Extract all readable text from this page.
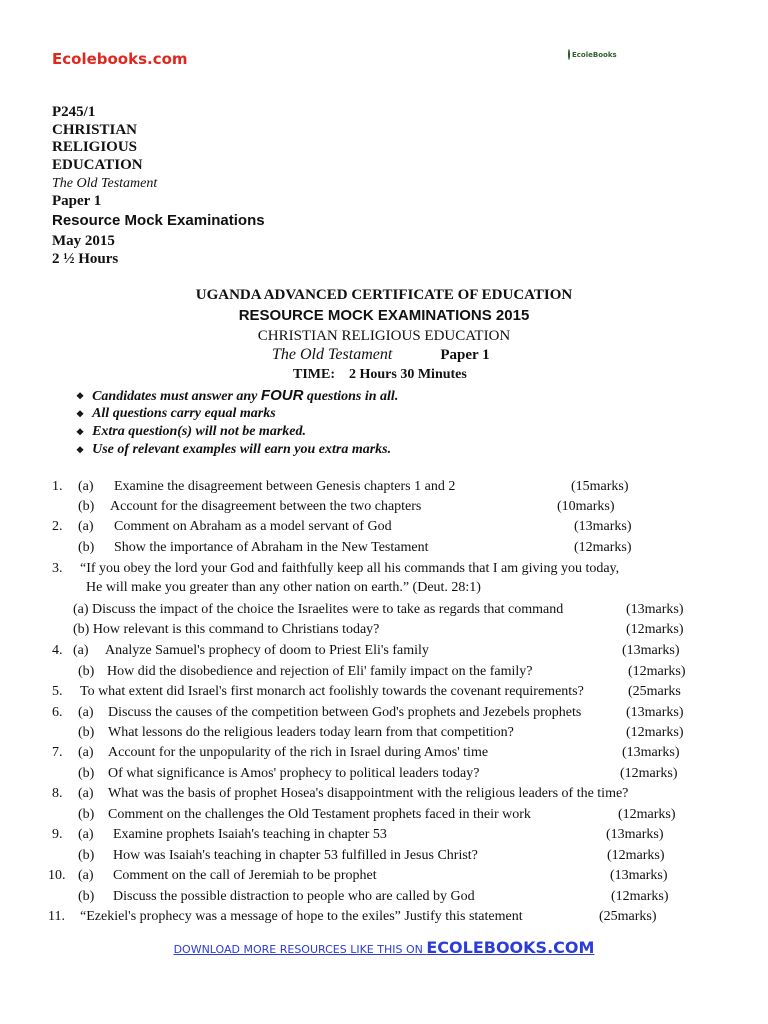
Ecolebooks.com	EcoleBooks
P245/1
CHRISTIAN
RELIGIOUS
EDUCATION
The Old Testament
Paper 1
Resource Mock Examinations
May 2015
2 ½ Hours
UGANDA ADVANCED CERTIFICATE OF EDUCATION
RESOURCE MOCK EXAMINATIONS 2015
CHRISTIAN RELIGIOUS EDUCATION
The Old Testament	Paper 1
TIME:    2 Hours 30 Minutes
❖ Candidates must answer any FOUR questions in all.
❖ All questions carry equal marks
❖ Extra question(s) will not be marked.
❖ Use of relevant examples will earn you extra marks.
1. (a) Examine the disagreement between Genesis chapters 1 and 2	(15marks)
(b) Account for the disagreement between the two chapters	(10marks)
2. (a) Comment on Abraham as a model servant of God	(13marks)
(b) Show the importance of Abraham in the New Testament	(12marks)
3. “If you obey the lord your God and faithfully keep all his commands that I am giving you today,
He will make you greater than any other nation on earth.” (Deut. 28:1)
(a) Discuss the impact of the choice the Israelites were to take as regards that command	(13marks)
(b) How relevant is this command to Christians today?	(12marks)
4. (a) Analyze Samuel's prophecy of doom to Priest Eli's family	(13marks)
(b) How did the disobedience and rejection of Eli' family impact on the family?	(12marks)
5. To what extent did Israel's first monarch act foolishly towards the covenant requirements?	(25marks
6. (a) Discuss the causes of the competition between God's prophets and Jezebels prophets	(13marks)
(b) What lessons do the religious leaders today learn from that competition?	(12marks)
7. (a) Account for the unpopularity of the rich in Israel during Amos' time	(13marks)
(b) Of what significance is Amos' prophecy to political leaders today?	(12marks)
8. (a) What was the basis of prophet Hosea's disappointment with the religious leaders of the time?
(b) Comment on the challenges the Old Testament prophets faced in their work	(12marks)
9. (a) Examine prophets Isaiah's teaching in chapter 53	(13marks)
(b) How was Isaiah's teaching in chapter 53 fulfilled in Jesus Christ?	(12marks)
10. (a) Comment on the call of Jeremiah to be prophet	(13marks)
(b) Discuss the possible distraction to people who are called by God	(12marks)
11. “Ezekiel's prophecy was a message of hope to the exiles” Justify this statement	(25marks)
DOWNLOAD MORE RESOURCES LIKE THIS ON ECOLEBOOKS.COM
